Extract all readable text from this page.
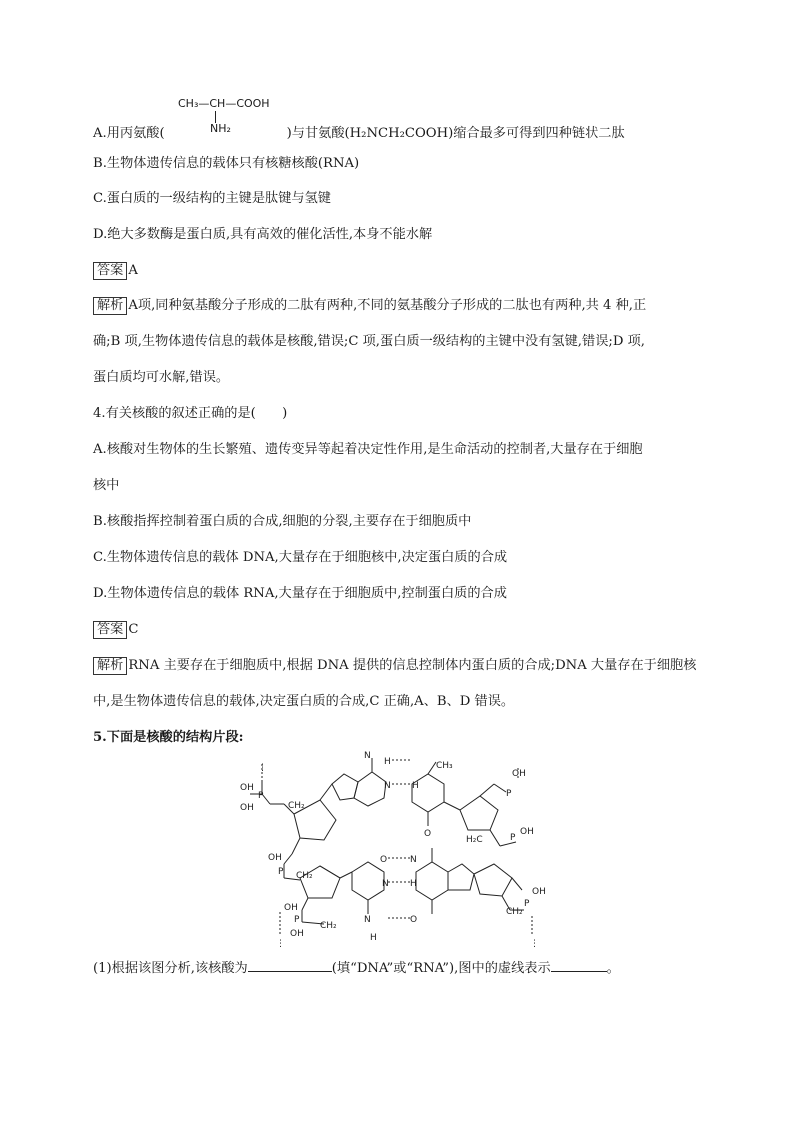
CH₃—CH—COOH
NH₂
A.用丙氨酸(	)与甘氨酸(H₂NCH₂COOH)缩合最多可得到四种链状二肽
B.生物体遗传信息的载体只有核糖核酸(RNA)
C.蛋白质的一级结构的主键是肽键与氢键
D.绝大多数酶是蛋白质,具有高效的催化活性,本身不能水解
答案 A
解析 A项,同种氨基酸分子形成的二肽有两种,不同的氨基酸分子形成的二肽也有两种,共 4 种,正
确;B 项,生物体遗传信息的载体是核酸,错误;C 项,蛋白质一级结构的主键中没有氢键,错误;D 项,
蛋白质均可水解,错误。
4.有关核酸的叙述正确的是(　　)
A.核酸对生物体的生长繁殖、遗传变异等起着决定性作用,是生命活动的控制者,大量存在于细胞
核中
B.核酸指挥控制着蛋白质的合成,细胞的分裂,主要存在于细胞质中
C.生物体遗传信息的载体 DNA,大量存在于细胞核中,决定蛋白质的合成
D.生物体遗传信息的载体 RNA,大量存在于细胞质中,控制蛋白质的合成
答案 C
解析 RNA 主要存在于细胞质中,根据 DNA 提供的信息控制体内蛋白质的合成;DNA 大量存在于细胞核
中,是生物体遗传信息的载体,决定蛋白质的合成,C 正确,A、B、D 错误。
5.下面是核酸的结构片段:
⋮
OH
P
OH	CH₂
N
H
N H
CH₃
O
P
OH
H₂C	P
OH
OH
P CH₂
O	N
N H
N	O
H
P
OH
OH
CH₂
⋮
CH₂
P
OH
⋮
(1)根据该图分析,该核酸为	(填“DNA”或“RNA”),图中的虚线表示	。
